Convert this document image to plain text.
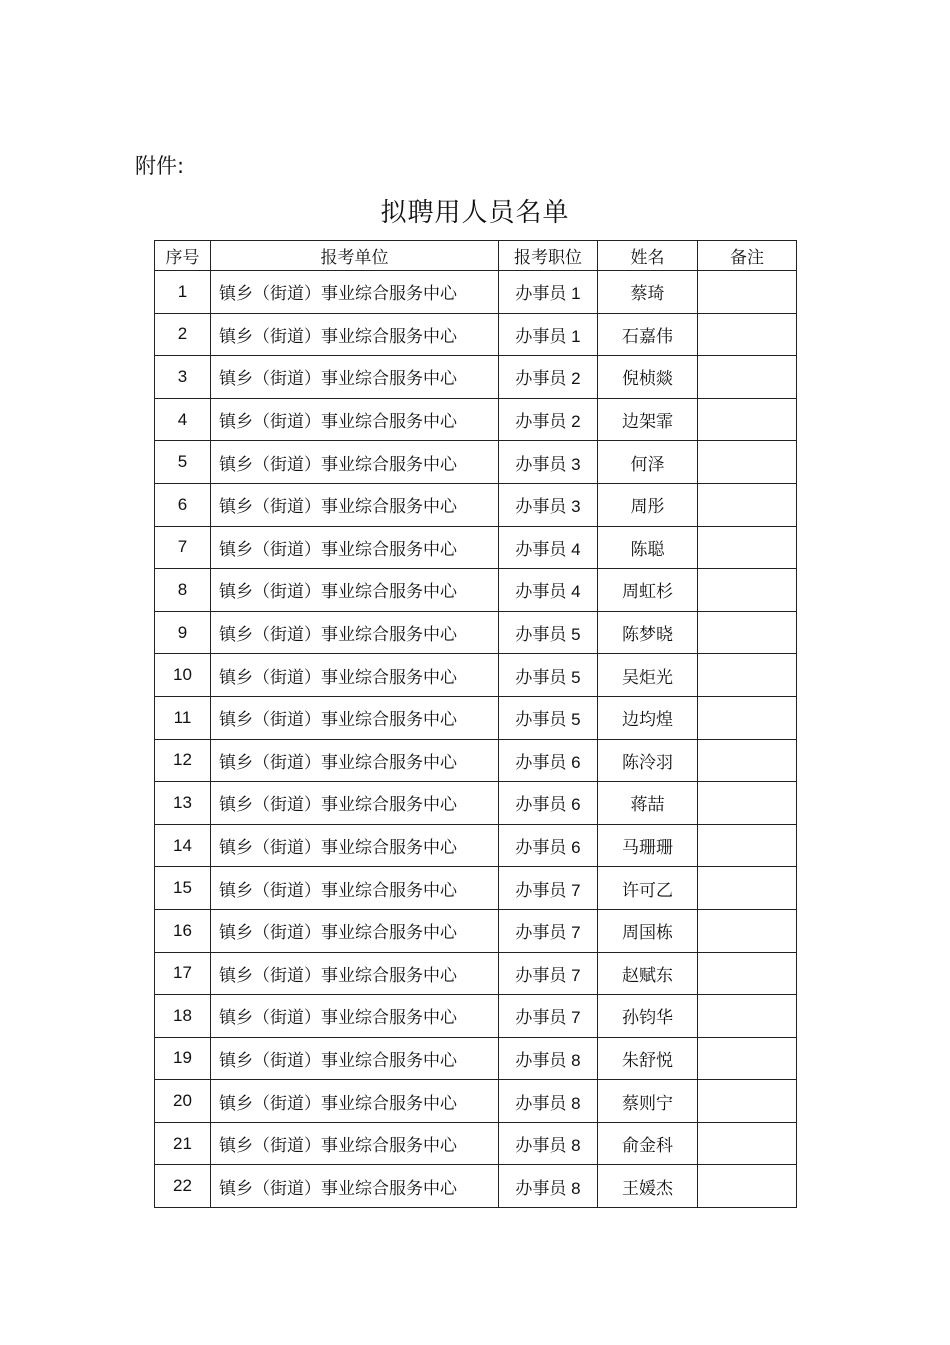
附件:
拟聘用人员名单
序号	报考单位	报考职位	姓名	备注
1	镇乡（街道）事业综合服务中心	办事员 1	蔡琦	
2	镇乡（街道）事业综合服务中心	办事员 1	石嘉伟	
3	镇乡（街道）事业综合服务中心	办事员 2	倪桢燚	
4	镇乡（街道）事业综合服务中心	办事员 2	边架霏	
5	镇乡（街道）事业综合服务中心	办事员 3	何泽	
6	镇乡（街道）事业综合服务中心	办事员 3	周彤	
7	镇乡（街道）事业综合服务中心	办事员 4	陈聪	
8	镇乡（街道）事业综合服务中心	办事员 4	周虹杉	
9	镇乡（街道）事业综合服务中心	办事员 5	陈梦晓	
10	镇乡（街道）事业综合服务中心	办事员 5	吴炬光	
11	镇乡（街道）事业综合服务中心	办事员 5	边均煌	
12	镇乡（街道）事业综合服务中心	办事员 6	陈泠羽	
13	镇乡（街道）事业综合服务中心	办事员 6	蒋喆	
14	镇乡（街道）事业综合服务中心	办事员 6	马珊珊	
15	镇乡（街道）事业综合服务中心	办事员 7	许可乙	
16	镇乡（街道）事业综合服务中心	办事员 7	周国栋	
17	镇乡（街道）事业综合服务中心	办事员 7	赵赋东	
18	镇乡（街道）事业综合服务中心	办事员 7	孙钧华	
19	镇乡（街道）事业综合服务中心	办事员 8	朱舒悦	
20	镇乡（街道）事业综合服务中心	办事员 8	蔡则宁	
21	镇乡（街道）事业综合服务中心	办事员 8	俞金科	
22	镇乡（街道）事业综合服务中心	办事员 8	王媛杰	
